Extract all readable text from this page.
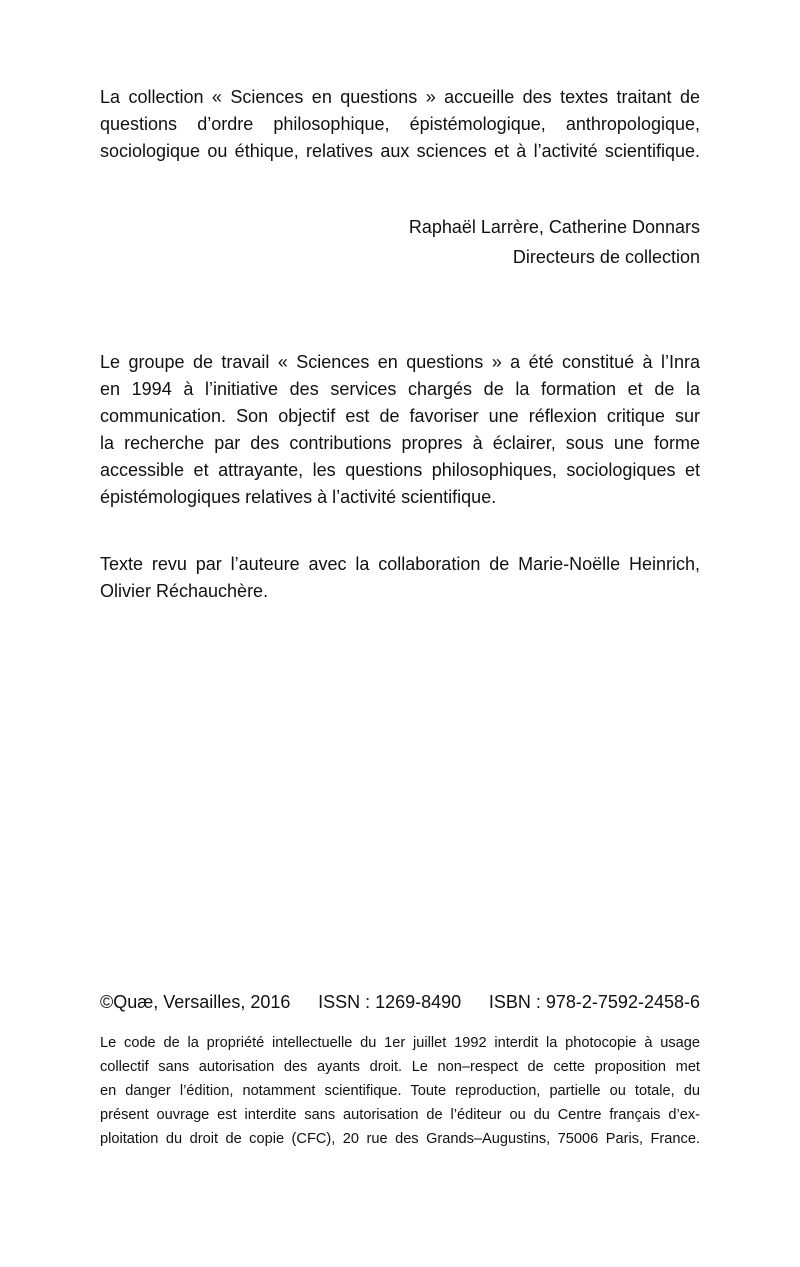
La collection « Sciences en questions » accueille des textes traitant de
questions d’ordre philosophique, épistémologique, anthropologique,
sociologique ou éthique, relatives aux sciences et à l’activité scientifique.
Raphaël Larrère, Catherine Donnars
Directeurs de collection
Le groupe de travail « Sciences en questions » a été constitué à l’Inra
en 1994 à l’initiative des services chargés de la formation et de la
communication. Son objectif est de favoriser une réflexion critique sur
la recherche par des contributions propres à éclairer, sous une forme
accessible et attrayante, les questions philosophiques, sociologiques et
épistémologiques relatives à l’activité scientifique.
Texte revu par l’auteure avec la collaboration de Marie-Noëlle Heinrich,
Olivier Réchauchère.
©Quæ, Versailles, 2016 ISSN : 1269-8490 ISBN : 978-2-7592-2458-6
Le code de la propriété intellectuelle du 1er juillet 1992 interdit la photocopie à usage
collectif sans autorisation des ayants droit. Le non–respect de cette proposition met
en danger l’édition, notamment scientifique. Toute reproduction, partielle ou totale, du
présent ouvrage est interdite sans autorisation de l’éditeur ou du Centre français d’ex-
ploitation du droit de copie (CFC), 20 rue des Grands–Augustins, 75006 Paris, France.
